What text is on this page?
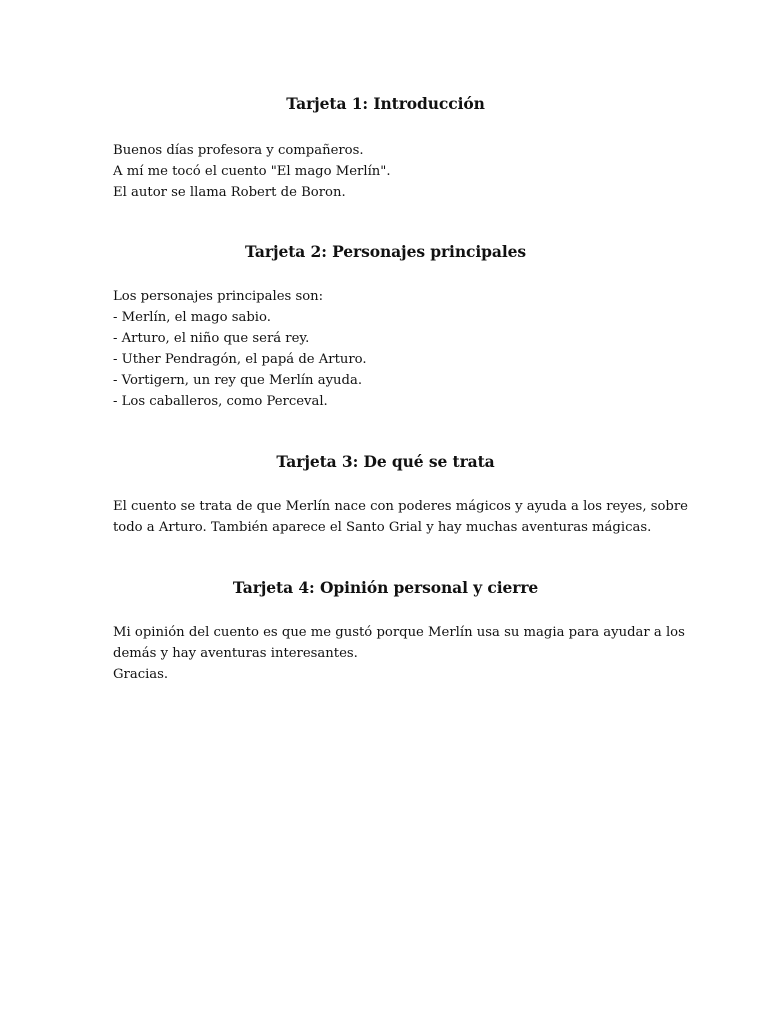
Tarjeta 1: Introducción
Buenos días profesora y compañeros.
A mí me tocó el cuento "El mago Merlín".
El autor se llama Robert de Boron.
Tarjeta 2: Personajes principales
Los personajes principales son:
- Merlín, el mago sabio.
- Arturo, el niño que será rey.
- Uther Pendragón, el papá de Arturo.
- Vortigern, un rey que Merlín ayuda.
- Los caballeros, como Perceval.
Tarjeta 3: De qué se trata
El cuento se trata de que Merlín nace con poderes mágicos y ayuda a los reyes, sobre
todo a Arturo. También aparece el Santo Grial y hay muchas aventuras mágicas.
Tarjeta 4: Opinión personal y cierre
Mi opinión del cuento es que me gustó porque Merlín usa su magia para ayudar a los
demás y hay aventuras interesantes.
Gracias.
